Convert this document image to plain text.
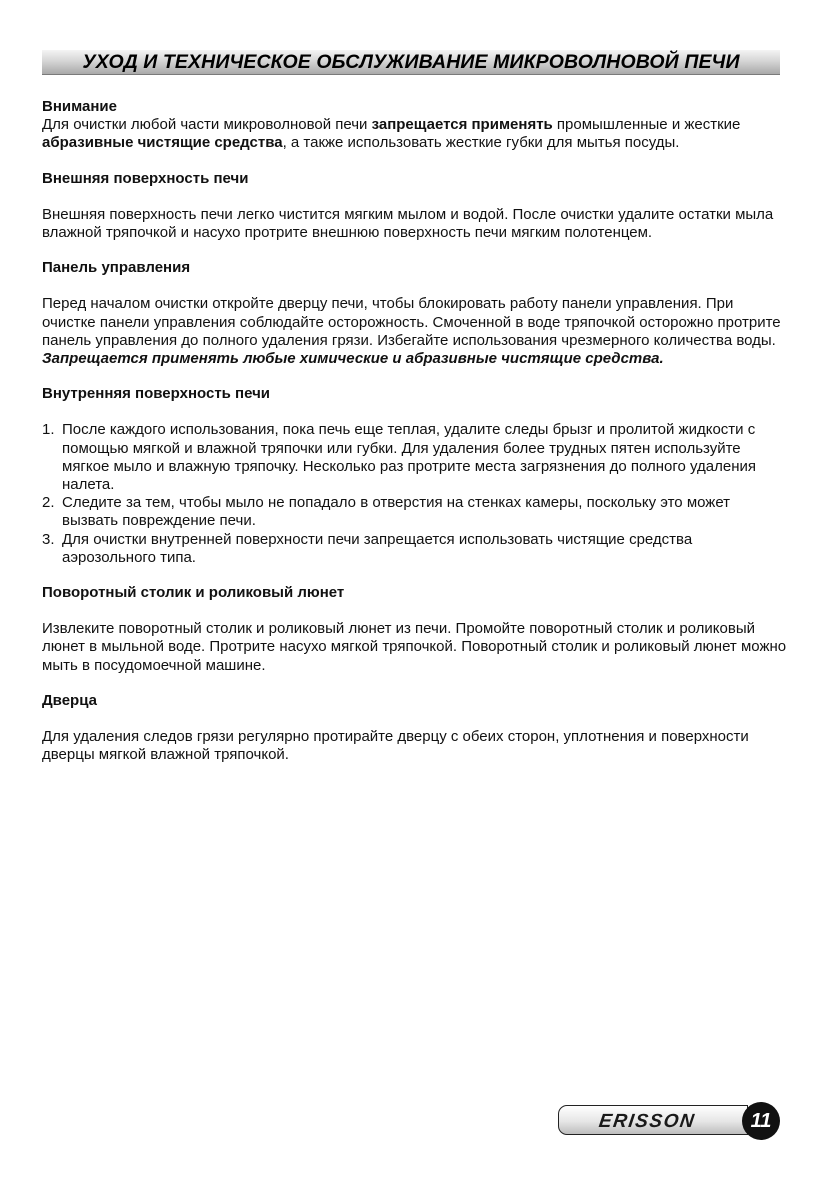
УХОД И ТЕХНИЧЕСКОЕ ОБСЛУЖИВАНИЕ МИКРОВОЛНОВОЙ ПЕЧИ

Внимание

Для очистки любой части микроволновой печи запрещается применять промышленные и жесткие абразивные чистящие средства, а также использовать жесткие губки для мытья посуды.

Внешняя поверхность печи

Внешняя поверхность печи легко чистится мягким мылом и водой. После очистки удалите остатки мыла влажной тряпочкой и насухо протрите внешнюю поверхность печи мягким полотенцем.

Панель управления

Перед началом очистки откройте дверцу печи, чтобы блокировать работу панели управления. При очистке панели управления соблюдайте осторожность. Смоченной в воде тряпочкой осторожно протрите панель управления до полного удаления грязи. Избегайте использования чрезмерного количества воды.

Запрещается применять любые химические и абразивные чистящие средства.

Внутренняя поверхность печи

1. После каждого использования, пока печь еще теплая, удалите следы брызг и пролитой жидкости с помощью мягкой и влажной тряпочки или губки. Для удаления более трудных пятен используйте мягкое мыло и влажную тряпочку. Несколько раз протрите места загрязнения до полного удаления налета.
2. Следите за тем, чтобы мыло не попадало в отверстия на стенках камеры, поскольку это может вызвать повреждение печи.
3. Для очистки внутренней поверхности печи запрещается использовать чистящие средства аэрозольного типа.

Поворотный столик и роликовый люнет

Извлеките поворотный столик и роликовый люнет из печи. Промойте поворотный столик и роликовый люнет в мыльной воде. Протрите насухо мягкой тряпочкой. Поворотный столик и роликовый люнет можно мыть в посудомоечной машине.

Дверца

Для удаления следов грязи регулярно протирайте дверцу с обеих сторон, уплотнения и поверхности дверцы мягкой влажной тряпочкой.

ERISSON	11
